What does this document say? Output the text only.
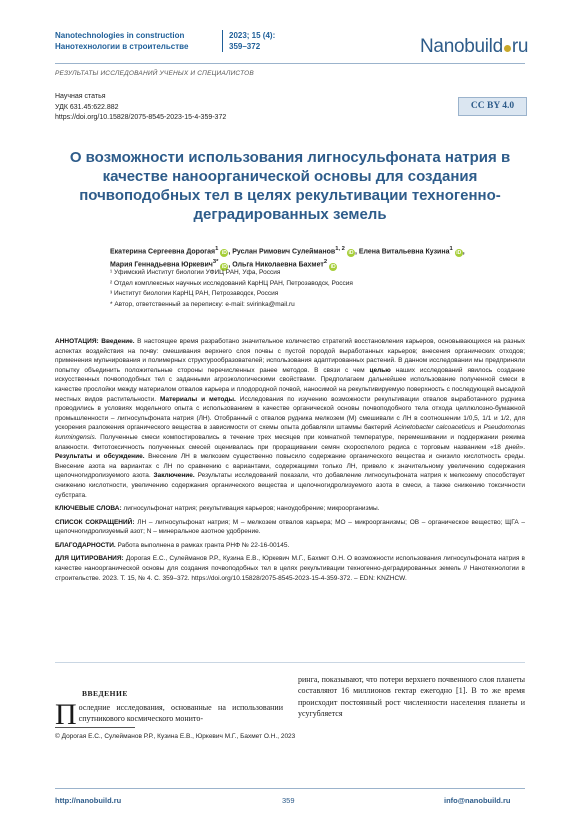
Nanotechnologies in construction
Нанотехнологии в строительстве
2023; 15 (4):
359–372	Nanobuild ru
РЕЗУЛЬТАТЫ ИССЛЕДОВАНИЙ УЧЕНЫХ И СПЕЦИАЛИСТОВ
Научная статья
УДК 631.45:622.882
https://doi.org/10.15828/2075-8545-2023-15-4-359-372
CC BY 4.0
О возможности использования лигносульфоната натрия в качестве наноорганической основы для создания почвоподобных тел в целях рекультивации техногенно-деградированных земель
Екатерина Сергеевна Дорогая$^1$iD , Руслан Римович Сулейманов$^{1, 2}$iD , Елена Витальевна Кузина$^1$iD ,
Мария Геннадьевна Юркевич$^{3*}$iD , Ольга Николаевна Бахмет$^2$iD
¹ Уфимский Институт биологии УФИЦ РАН, Уфа, Россия
² Отдел комплексных научных исследований КарНЦ РАН, Петрозаводск, Россия
³ Институт биологии КарНЦ РАН, Петрозаводск, Россия
* Автор, ответственный за переписку: e-mail: svirinka@mail.ru

АННОТАЦИЯ: Введение. В настоящее время разработано значительное количество стратегий восстановления карьеров, основывающихся на разных аспектах воздействия на почву: смешивания верхнего слоя почвы с пустой породой выработанных карьеров; внесения органических отходов; применения мульчирования и полимерных структурообразователей; использования адаптированных растений. В данном исследовании мы предприняли попытку объединить положительные стороны перечисленных ранее методов. В связи с чем целью наших исследований явилось создание искусственных почвоподобных тел с заданными агроэкологическими свойствами. Предполагаем дальнейшее использование полученной смеси в качестве прослойки между материалом отвалов карьера и плодородной почвой, наносимой на рекультивируемую поверхность с последующей высадкой местных видов растительности. Материалы и методы. Исследования по изучению возможности рекультивации отвалов выработанного рудника проводились в условиях модельного опыта с использованием в качестве органической основы почвоподобного тела отхода целлюлозно-бумажной промышленности – лигносульфоната натрия (ЛН). Отобранный с отвалов рудника мелкозем (М) смешивали с ЛН в соотношении 1/0,5, 1/1 и 1/2, для ускорения разложения органического вещества в зависимости от схемы опыта добавляли штаммы бактерий Acinetobacter calcoaceticus и Pseudomonas kunmingensis. Полученные смеси компостировались в течение трех месяцев при комнатной температуре, перемешивании и поддержании режима влажности. Фитотоксичность полученных смесей оценивалась при проращивании семян скороспелого редиса с торговым названием «18 дней». Результаты и обсуждение. Внесение ЛН в мелкозем существенно повысило содержание органического вещества и снизило кислотность среды. Внесение азота на вариантах с ЛН по сравнению с вариантами, содержащими только ЛН, привело к значительному увеличению содержания щелочногидролизуемого азота. Заключение. Результаты исследований показали, что добавление лигносульфоната натрия к мелкозему способствует снижению кислотности, увеличению содержания органического вещества и щелочногидролизуемого азота в смеси, а также снижению токсичности субстрата.

КЛЮЧЕВЫЕ СЛОВА: лигносульфонат натрия; рекультивация карьеров; наноудобрение; микроорганизмы.

СПИСОК СОКРАЩЕНИЙ: ЛН – лигносульфонат натрия; М – мелкозем отвалов карьера; МО – микроорганизмы; ОВ – органическое вещество; ЩГА – щелочногидролизуемый азот; N – минеральное азотное удобрение.

БЛАГОДАРНОСТИ. Работа выполнена в рамках гранта РНФ № 22-16-00145.

ДЛЯ ЦИТИРОВАНИЯ: Дорогая Е.С., Сулейманов Р.Р., Кузина Е.В., Юркевич М.Г., Бахмет О.Н. О возможности использования лигносульфоната натрия в качестве наноорганической основы для создания почвоподобных тел в целях рекультивации техногенно-деградированных земель // Нанотехнологии в строительстве. 2023. Т. 15, № 4. С. 359–372. https://doi.org/10.15828/2075-8545-2023-15-4-359-372. – EDN: KNZHCW.

ВВЕДЕНИЕ
Последние исследования, основанные на использовании спутникового космического монито-
ринга, показывают, что потери верхнего почвенного слоя планеты составляют 16 миллионов гектар ежегодно [1]. В то же время происходит постоянный рост численности населения планеты и усугубляется
© Дорогая Е.С., Сулейманов Р.Р., Кузина Е.В., Юркевич М.Г., Бахмет О.Н., 2023
http://nanobuild.ru	359	info@nanobuild.ru
